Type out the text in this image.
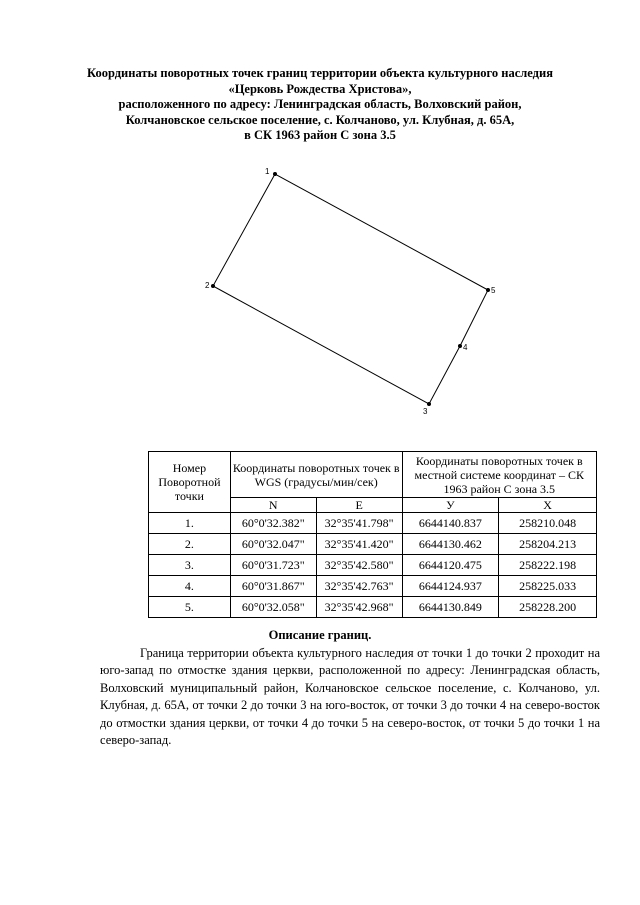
Координаты поворотных точек границ территории объекта культурного наследия
«Церковь Рождества Христова»,
расположенного по адресу: Ленинградская область, Волховский район,
Колчановское сельское поселение, с. Колчаново, ул. Клубная, д. 65А,
в СК 1963 район С зона 3.5
1
2
3
4
5
Номер Поворотной точки	Координаты поворотных точек в WGS (градусы/мин/сек)		Координаты поворотных точек в местной системе координат – СК 1963 район С зона 3.5	
	N	E	У	X
1.	60°0'32.382"	32°35'41.798"	6644140.837	258210.048
2.	60°0'32.047"	32°35'41.420"	6644130.462	258204.213
3.	60°0'31.723"	32°35'42.580"	6644120.475	258222.198
4.	60°0'31.867"	32°35'42.763"	6644124.937	258225.033
5.	60°0'32.058"	32°35'42.968"	6644130.849	258228.200
Описание границ.

Граница территории объекта культурного наследия от точки 1 до точки 2 проходит на юго-запад по отмостке здания церкви, расположенной по адресу: Ленинградская область, Волховский муниципальный район, Колчановское сельское поселение, с. Колчаново, ул. Клубная, д. 65А, от точки 2 до точки 3 на юго-восток, от точки 3 до точки 4 на северо-восток до отмостки здания церкви, от точки 4 до точки 5 на северо-восток, от точки 5 до точки 1 на северо-запад.
